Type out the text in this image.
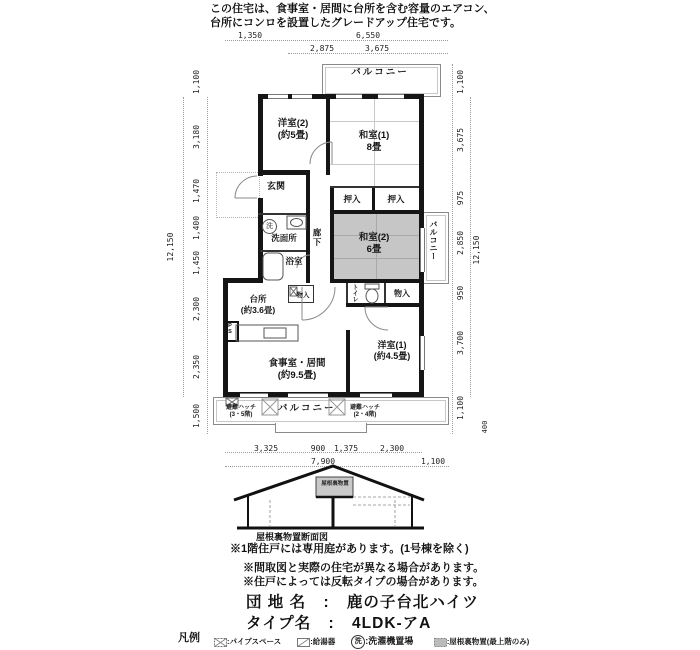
この住宅は、食事室・居間に台所を含む容量のエアコン、
台所にコンロを設置したグレードアップ住宅です。
1,350	6,550
2,875	3,675
1,100
3,180
1,470
1,400
1,450
2,300
2,350
1,500
12,150
1,100
3,675
975
2,850
950
3,700
1,100
12,150
400
3,325	900	1,375	2,300
7,900	1,100
バルコニー
バルコニー
バルコニー
洋室(2)
(約5畳)	和室(1)
8畳
玄関
押入	押入
洗
洗面所	廊下	和室(2)
6畳
浴室
台所
(約3.6畳)
物入	トイレ	物入
PS
食事室・居間
(約9.5畳)
洋室(1)
(約4.5畳)
避難ハッチ
(3・5階)
避難ハッチ
(2・4階)
屋根裏物置
屋根裏物置断面図
※1階住戸には専用庭があります。(1号棟を除く)
※間取図と実際の住宅が異なる場合があります。
※住戸によっては反転タイプの場合があります。
団 地 名 : 鹿の子台北ハイツ
タイプ名 : 4LDK-アA
凡例	:パイプスペース	:給湯器	洗 :洗濯機置場	:屋根裏物置(最上階のみ)
